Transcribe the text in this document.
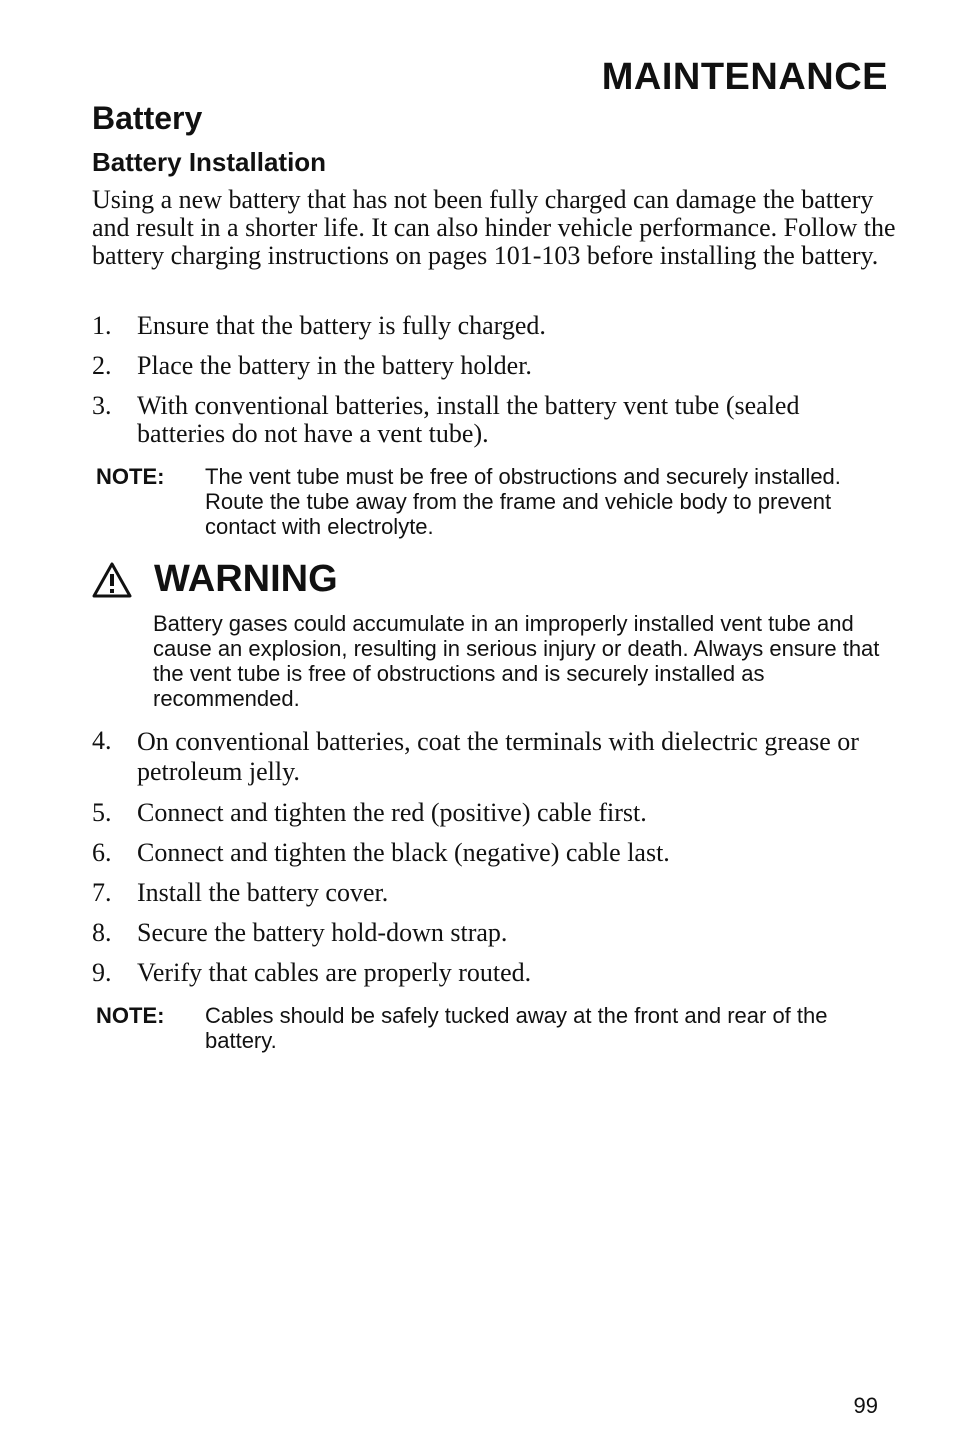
MAINTENANCE
Battery
Battery Installation

Using a new battery that has not been fully charged can damage the battery and result in a shorter life. It can also hinder vehicle performance. Follow the battery charging instructions on pages 101-103 before installing the battery.

1. Ensure that the battery is fully charged.
2. Place the battery in the battery holder.
3. With conventional batteries, install the battery vent tube (sealed batteries do not have a vent tube).
NOTE:	The vent tube must be free of obstructions and securely installed. Route the tube away from the frame and vehicle body to prevent contact with electrolyte.
WARNING

Battery gases could accumulate in an improperly installed vent tube and cause an explosion, resulting in serious injury or death. Always ensure that the vent tube is free of obstructions and is securely installed as recommended.

4. On conventional batteries, coat the terminals with dielectric grease or petroleum jelly.
5. Connect and tighten the red (positive) cable first.
6. Connect and tighten the black (negative) cable last.
7. Install the battery cover.
8. Secure the battery hold-down strap.
9. Verify that cables are properly routed.
NOTE:	Cables should be safely tucked away at the front and rear of the battery.
99
